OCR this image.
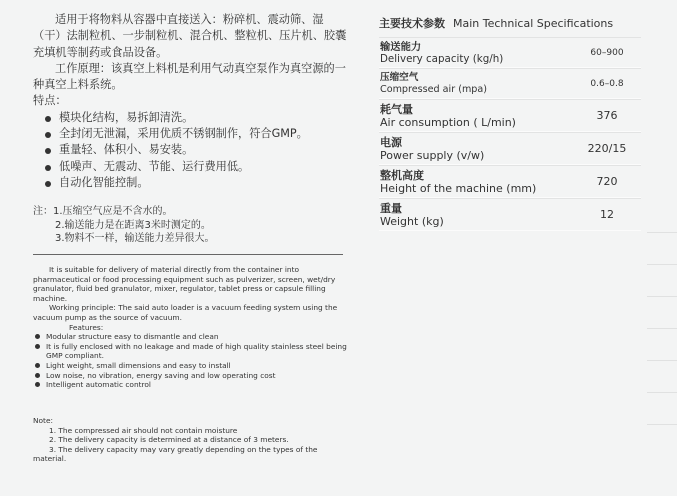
适用于将物料从容器中直接送入：粉碎机、震动筛、湿（干）法制粒机、一步制粒机、混合机、整粒机、压片机、胶囊充填机等制药或食品设备。

工作原理：该真空上料机是利用气动真空泵作为真空源的一种真空上料系统。

特点：

模块化结构，易拆卸清洗。
全封闭无泄漏，采用优质不锈钢制作，符合GMP。
重量轻、体积小、易安装。
低噪声、无震动、节能、运行费用低。
自动化智能控制。

注：1.压缩空气应是不含水的。

2.输送能力是在距离3米时测定的。

3.物料不一样，输送能力差异很大。

It is suitable for delivery of material directly from the container into pharmaceutical or food processing equipment such as pulverizer, screen, wet/dry granulator, fluid bed granulator, mixer, regulator, tablet press or capsule filling machine.

Working principle: The said auto loader is a vacuum feeding system using the vacuum pump as the source of vacuum.

Features:

Modular structure easy to dismantle and clean
It is fully enclosed with no leakage and made of high quality stainless steel being GMP compliant.
Light weight, small dimensions and easy to install
Low noise, no vibration, energy saving and low operating cost
Intelligent automatic control

Note:

1. The compressed air should not contain moisture

2. The delivery capacity is determined at a distance of 3 meters.

3. The delivery capacity may vary greatly depending on the types of the material.

主要技术参数 Main Technical Specifications
输送能力
Delivery capacity (kg/h)	60–900
压缩空气
Compressed air (mpa)	0.6–0.8
耗气量
Air consumption ( L/min)	376
电源
Power supply (v/w)	220/15
整机高度
Height of the machine (mm)	720
重量
Weight (kg)	12
